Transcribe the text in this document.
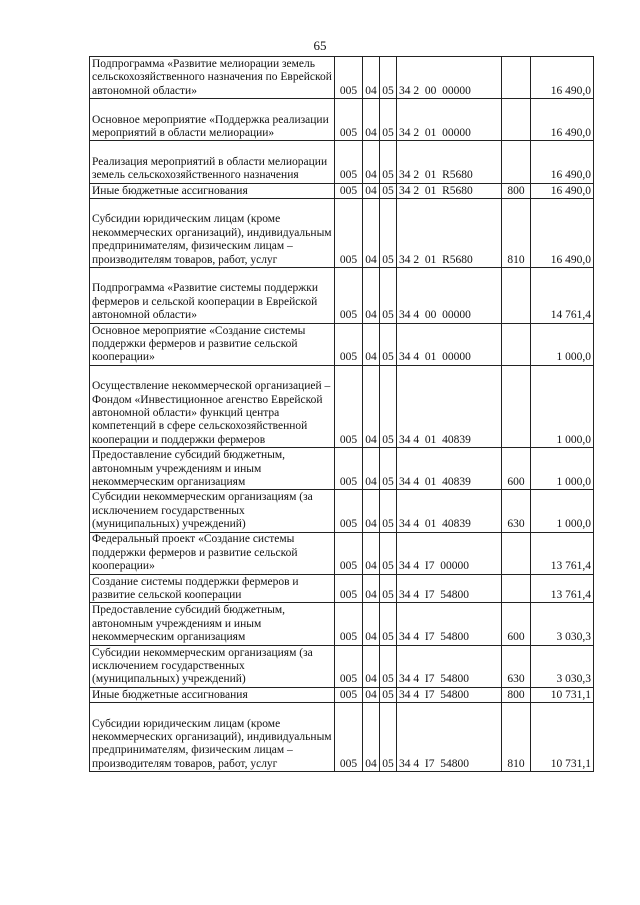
65
Подпрограмма «Развитие мелиорации земель сельскохозяйственного назначения по Еврейской автономной области»	005	04	05	34 2  00  00000		16 490,0
Основное мероприятие «Поддержка реализации мероприятий в области мелиорации»	005	04	05	34 2  01  00000		16 490,0
Реализация мероприятий в области мелиорации земель сельскохозяйственного назначения	005	04	05	34 2  01  R5680		16 490,0
Иные бюджетные ассигнования	005	04	05	34 2  01  R5680	800	16 490,0
Субсидии юридическим лицам (кроме некоммерческих организаций), индивидуальным предпринимателям, физическим лицам – производителям товаров, работ, услуг	005	04	05	34 2  01  R5680	810	16 490,0
Подпрограмма «Развитие системы поддержки фермеров и сельской кооперации в Еврейской автономной области»	005	04	05	34 4  00  00000		14 761,4
Основное мероприятие «Создание системы поддержки фермеров и развитие сельской кооперации»	005	04	05	34 4  01  00000		1 000,0
Осуществление некоммерческой организацией – Фондом «Инвестиционное агенство Еврейской автономной области» функций центра компетенций в сфере сельскохозяйственной кооперации и поддержки фермеров	005	04	05	34 4  01  40839		1 000,0
Предоставление субсидий бюджетным, автономным учреждениям и иным некоммерческим организациям	005	04	05	34 4  01  40839	600	1 000,0
Субсидии некоммерческим организациям (за исключением государственных (муниципальных) учреждений)	005	04	05	34 4  01  40839	630	1 000,0
Федеральный проект «Создание системы поддержки фермеров и развитие сельской кооперации»	005	04	05	34 4  I7  00000		13 761,4
Создание системы поддержки фермеров и развитие сельской кооперации	005	04	05	34 4  I7  54800		13 761,4
Предоставление субсидий бюджетным, автономным учреждениям и иным некоммерческим организациям	005	04	05	34 4  I7  54800	600	3 030,3
Субсидии некоммерческим организациям (за исключением государственных (муниципальных) учреждений)	005	04	05	34 4  I7  54800	630	3 030,3
Иные бюджетные ассигнования	005	04	05	34 4  I7  54800	800	10 731,1
Субсидии юридическим лицам (кроме некоммерческих организаций), индивидуальным предпринимателям, физическим лицам – производителям товаров, работ, услуг	005	04	05	34 4  I7  54800	810	10 731,1
